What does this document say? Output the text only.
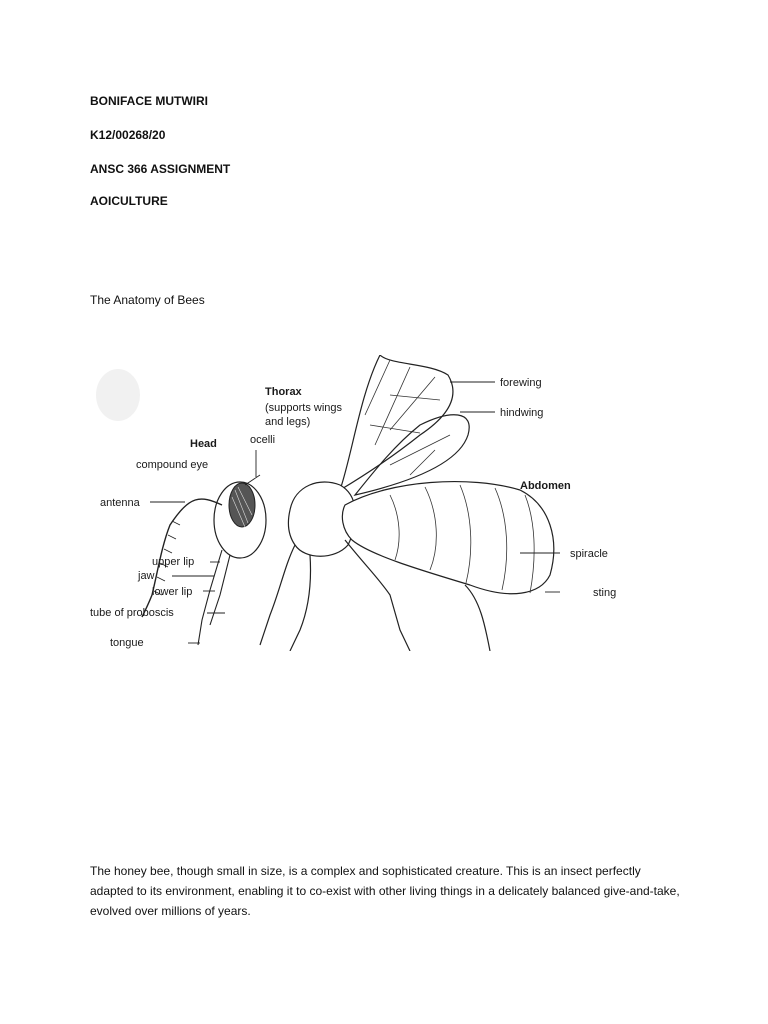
BONIFACE MUTWIRI
K12/00268/20
ANSC 366 ASSIGNMENT
AOICULTURE
The Anatomy of Bees
Thorax
(supports wings
and legs)
Head	ocelli
compound eye
antenna
upper lip
jaw
lower lip
tube of proboscis
tongue
forewing
hindwing
Abdomen
spiracle
sting
The honey bee, though small in size, is a complex and sophisticated creature. This is an insect perfectly adapted to its environment, enabling it to co-exist with other living things in a delicately balanced give-and-take, evolved over millions of years.
